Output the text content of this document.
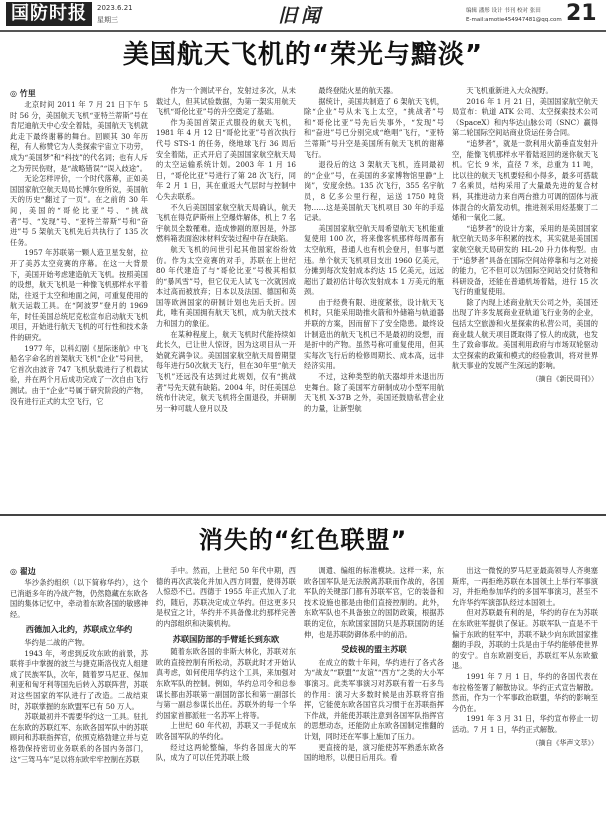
国防时报	2023.6.21
星期三	旧闻	编辑 潘彤 设计 书刊 校对 张田
E-mail:amotie454947481@qq.com 21
美国航天飞机的“荣光与黯淡”
◎ 竹里

北京时间 2011 年 7 月 21 日下午 5 时 56 分，美国航天飞机“亚特兰蒂斯”号在肯尼迪航天中心安全着陆，美国航天飞机就此走下最终谢幕的舞台。回顾其 30 年历程，有人称赞它为人类探索宇宙立下功劳，成为“美国梦”和“科技”的代名词；也有人斥之为劳民伤财，是“战略错误”“误入歧途”。

无论怎样评价，一个时代落幕，正如美国国家航空航天局局长博尔登所说，美国航天的历史“翻过了一页”。在之前的 30 年间，美国的“哥伦比亚”号、“挑战者”号、“发现”号、“亚特兰蒂斯”号和“奋进”号 5 架航天飞机先后共执行了 135 次任务。

1957 年苏联第一颗人造卫星发射，拉开了美苏太空竞赛的序幕。在这一大背景下，美国开始考虑建造航天飞机。按照美国的设想，航天飞机是一种像飞机那样水平着陆，往返于太空和地面之间，可重复使用的航天运载工具。在“阿波罗”登月的 1969 年，时任美国总统尼克松宣布启动航天飞机项目，开始进行航天飞机的可行性和技术条件的研究。

1977 年，以科幻剧《星际迷航》中飞船名字命名的首架航天飞机“企业”号问世，它首次由波音 747 飞机驮载进行了机载试验，并在两个月后成功完成了一次自由飞行测试。由于“企业”号属于研究阶段的产物，没有进行正式的太空飞行，它

作为一个测试平台，发射过多次，从未载过人，但其试验数据，为第一架实用航天飞机“哥伦比亚”号的升空奠定了基础。

作为美国首架正式服役的航天飞机，1981 年 4 月 12 日“哥伦比亚”号首次执行代号 STS-1 的任务，绕地球飞行 36 周后安全着陆，正式开启了美国国家航空航天局的太空运输系统计划。2003 年 1 月 16 日，“哥伦比亚”号进行了第 28 次飞行，同年 2 月 1 日，其在重返大气层时与控制中心失去联系。

不久后美国国家航空航天局确认，航天飞机在得克萨斯州上空爆炸解体，机上 7 名宇航员全数罹难。造成惨剧的原因是，外部燃料箱表面泡沫材料安装过程中存在缺陷。

航天飞机的问世引起其他国家纷纷效仿。作为太空竞赛的对手，苏联在上世纪 80 年代建造了与“哥伦比亚”号极其相似的“暴风雪”号，但它仅无人试飞一次就因成本过高而被放弃；日本以及法国、德国和英国等欧洲国家的研制计划也先后夭折。因此，唯有美国拥有航天飞机，成为航天技术力和国力的象征。

在某种程度上，航天飞机时代能持续如此长久，已让世人惊讶，因为这项目从一开始就充满争议。美国国家航空航天局曾期望每年进行50次航天飞行，但在30年里“航天飞机”还远没有达到过此规划，仅有“挑战者”号先天就有缺陷。2004 年，时任美国总统布什决定，航天飞机将全面退役，并研制另一种可载人登月以及

最终登陆火星的航天器。

据统计，美国共制造了 6 架航天飞机，除“企业”号从未飞上太空，“挑战者”号和“哥伦比亚”号先后失事外，“发现”号和“奋进”号已分别完成“绝唱”飞行，“亚特兰蒂斯”号升空是美国所有航天飞机的谢幕飞行。

退役后的这 3 架航天飞机，连同最初的“企业”号，在美国的多家博物馆里静“上岗”，安度余热。135 次飞行，355 名宇航员，8 亿多公里行程，运送 1750 吨货物……这是美国航天飞机项目 30 年的手巡记录。

美国国家航空航天局希望航天飞机能重复使用 100 次，将来像客机那样每周都有太空航班，普通人也有机会登月，但事与愿违。单个航天飞机项目支出 1960 亿美元，分摊到每次发射成本约达 15 亿美元，远远超出了最初估计每次发射成本 1 万美元的瓶颈。

由于经费有限、进度紧张，设计航天飞机时，只能采用助推火箭和外储箱与轨道器并联的方案，因而留下了安全隐患。最终设计制造出的航天飞机已不是最初的设想，而是折中的产物。虽然号称可重复使用，但其实每次飞行后的检修周期长、成本高，远非经济实用。

不过，这种类型的航天器却并未退出历史舞台。除了美国军方研制成功小型军用航天飞机 X-37B 之外，美国还鼓励私营企业的力量，让新型航

天飞机重新进入大众视野。

2016 年 1 月 21 日，美国国家航空航天局宣布：轨道 ATK 公司、太空探索技术公司（SpaceX）和内华达山脉公司（SNC）赢得第二轮国际空间站商业货运任务合同。

“追梦者”，就是一款利用火箭垂直发射升空，能像飞机那样水平着陆返回的迷你航天飞机。它长 9 米，直径 7 米，总重为 11 吨，比以往的航天飞机要轻和小得多，最多可搭载 7 名乘员，结构采用了大量最先进的复合材料，其推进动力来自两台推力可调的固体与液体混合的火箭发动机，推进剂采用烃基聚丁二烯和一氧化二氮。

“追梦者”的设计方案，采用的是美国国家航空航天局多年积累的技术，其实就是美国国家航空航天局研发的 HL-20 升力体构型。由于“追梦者”具备在国际空间站停靠和与之对接的能力，它不但可以为国际空间站交付货物和科研设备，还能在普通机场着陆，进行 15 次飞行的重复使用。

除了内现上述商业航天公司之外，美国还出现了许多发展商业亚轨道飞行业务的企业，包括太空旅游和火星探索的私营公司，美国的商业载人航天项目既取得了惊人的成就，也发生了致命事故。美国利用政府与市场双轮驱动太空探索的政策和模式的经验教训，将对世界航天事业的发展产生深远的影响。

（摘自《新民周刊》）
消失的“红色联盟”
◎ 翟边

华沙条约组织（以下简称华约），这个已消逝多年的冷战产物，仍然隐藏在东欧各国的集体记忆中，牵动着东欧各国的敏感神经。

西德加入北约，苏联成立华约

华约是二战的产物。

1943 年，考虑到反攻东欧的前景，苏联将手中掌握的波兰与捷克斯洛伐克人组建成了民族军队，次年，随着罗马尼亚、保加利亚和匈牙利等国先后转入苏联阵营，苏联对这些国家的军队进行了改造。二战结束时，苏联掌握的东欧盟军已有 50 万人。

苏联最初并不需要华约这一工具。驻扎在东欧的苏联红军、东欧各国军队中的苏联顾问和苏联指挥官，依照克格勃建立并与克格勃保持密切业务联系的各国内务部门，这“三驾马车”足以将东欧牢牢控制在苏联

手中。然而，上世纪 50 年代中期，西德的再次武装化并加入西方同盟，使得苏联人惊恐不已。西德于 1955 年正式加入了北约，随后，苏联决定成立华约。但这更多只是权宜之计，华约并不具备像北约那样完善的内部组织和决策机构。

苏联国防部的手臂延长到东欧

随着东欧各国的非斯大林化，苏联对东欧的直接控制有所松动，苏联此时才开始认真考虑，如何使用华约这个工具，来加强对东欧军队的控制。例如，华约总司令和总参谋长都由苏联第一副国防部长和第一副部长与第一副总参谋长出任。苏联外的每一个华约国家首都派驻一名苏军上将等。

上世纪 60 年代初，苏联又一手促成东欧各国军队的华约化。

经过这两轮整编，华约各国庞大的军队，成为了可以任凭苏联上级

调遣、编组的标准模块。这样一来，东欧各国军队是无法脱离苏联而作战的，各国军队的关键部门都有苏联军官，它的装备和技术设施也都是由他们直接控制的。此外，东欧军队也不具备独立的国防政策，根据苏联的定位，东欧国家国防只是苏联国防的延伸，也是苏联防御体系中的前沿。

受歧视的盟主苏联

在成立的数十年间，华约进行了各式各为“战友”“联盟”“友谊”“西方”之类的大小军事演习。此类军事演习对苏联有着一石多鸟的作用：演习大多数时候是由苏联将官指挥，它能使东欧各国官兵习惯于在苏联指挥下作战，并能使苏联注意到各国军队指挥官的思想动态，还能防止东欧各国制定推翻的计划，同时还在军事上施加了压力。

更直接的是，演习能使苏军熟悉东欧各国的地形，以便日后用兵。看

出这一微悦的罗马尼亚最高领导人齐奥塞斯库，一再拒绝苏联在本国领土上举行军事演习，并拒绝参加华约的多国军事演习，甚至不允许华约军演部队经过本国领土。

但对苏联最有利的是，华约的存在为苏联在东欧驻军提供了保证。苏联军队一直是不干偏于东欧的驻军中，苏联不缺少向东欧国家推翻的手段，苏联的士兵是由于华约能够使世界的安宁。自东欧剧变后，苏联红军从东欧撤退。

1991 年 7 月 1 日，华约的各国代表在布拉格签署了解散协议。华约正式宣告解散。然而，作为一个军事政治联盟，华约的影响至今仍在。

1991 年 3 月 31 日，华约宣布停止一切活动。7 月 1 日，华约正式解散。

（摘自《华声文萃》）
